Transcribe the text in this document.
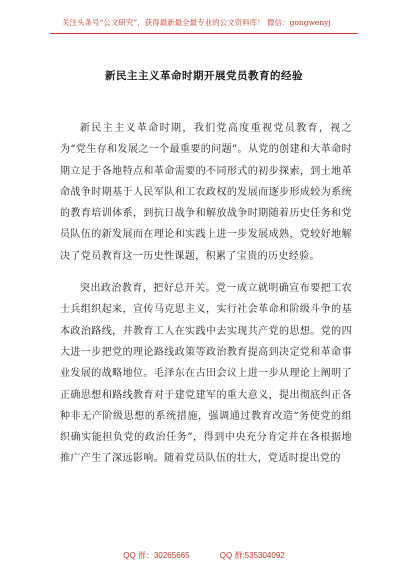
关注头条号“公文研究”，获得最新最全最专业的公文资料库！ 微信：gongwenyj
新民主主义革命时期开展党员教育的经验

新民主主义革命时期，我们党高度重视党员教育，视之为“党生存和发展之一个最重要的问题”。从党的创建和大革命时期立足于各地特点和革命需要的不同形式的初步探索，到土地革命战争时期基于人民军队和工农政权的发展而逐步形成较为系统的教育培训体系，到抗日战争和解放战争时期随着历史任务和党员队伍的新发展而在理论和实践上进一步发展成熟，党较好地解决了党员教育这一历史性课题，积累了宝贵的历史经验。

突出政治教育，把好总开关。党一成立就明确宣布要把工农士兵组织起来，宣传马克思主义，实行社会革命和阶级斗争的基本政治路线，并教育工人在实践中去实现共产党的思想。党的四大进一步把党的理论路线政策等政治教育提高到决定党和革命事业发展的战略地位。毛泽东在古田会议上进一步从理论上阐明了正确思想和路线教育对于建党建军的重大意义，提出彻底纠正各种非无产阶级思想的系统措施，强调通过教育改造“务使党的组织确实能担负党的政治任务”，得到中央充分肯定并在各根据地推广产生了深远影响。随着党员队伍的壮大，党适时提出党的

QQ 群：30265665	QQ 群:535304092
